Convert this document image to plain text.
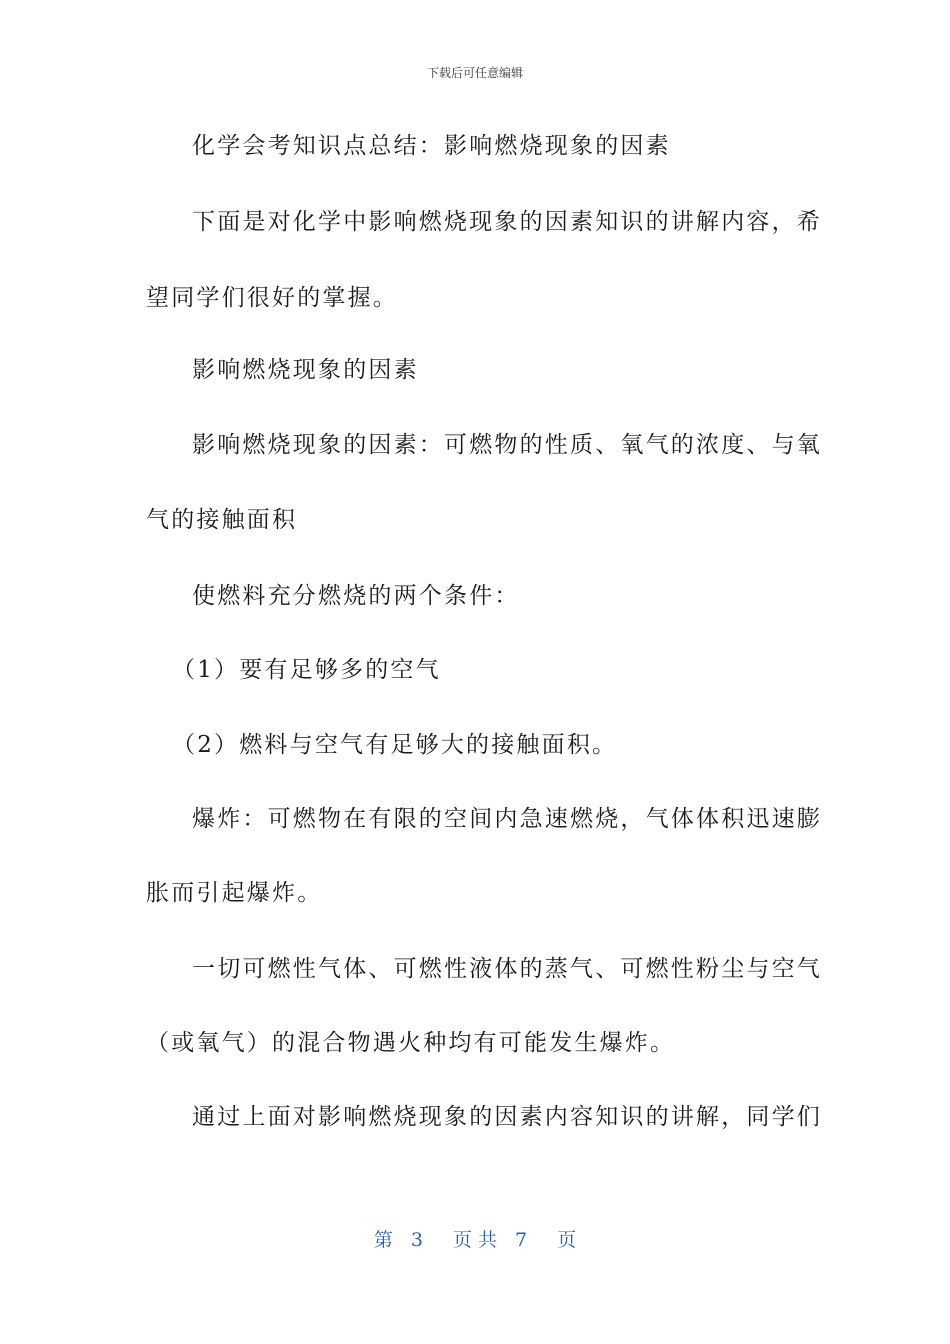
下载后可任意编辑
化学会考知识点总结：影响燃烧现象的因素
下面是对化学中影响燃烧现象的因素知识的讲解内容，希
望同学们很好的掌握。
影响燃烧现象的因素
影响燃烧现象的因素：可燃物的性质、氧气的浓度、与氧
气的接触面积
使燃料充分燃烧的两个条件：
（1）要有足够多的空气
（2）燃料与空气有足够大的接触面积。
爆炸：可燃物在有限的空间内急速燃烧，气体体积迅速膨
胀而引起爆炸。
一切可燃性气体、可燃性液体的蒸气、可燃性粉尘与空气
（或氧气）的混合物遇火种均有可能发生爆炸。
通过上面对影响燃烧现象的因素内容知识的讲解，同学们
第 3 页 共 7 页
